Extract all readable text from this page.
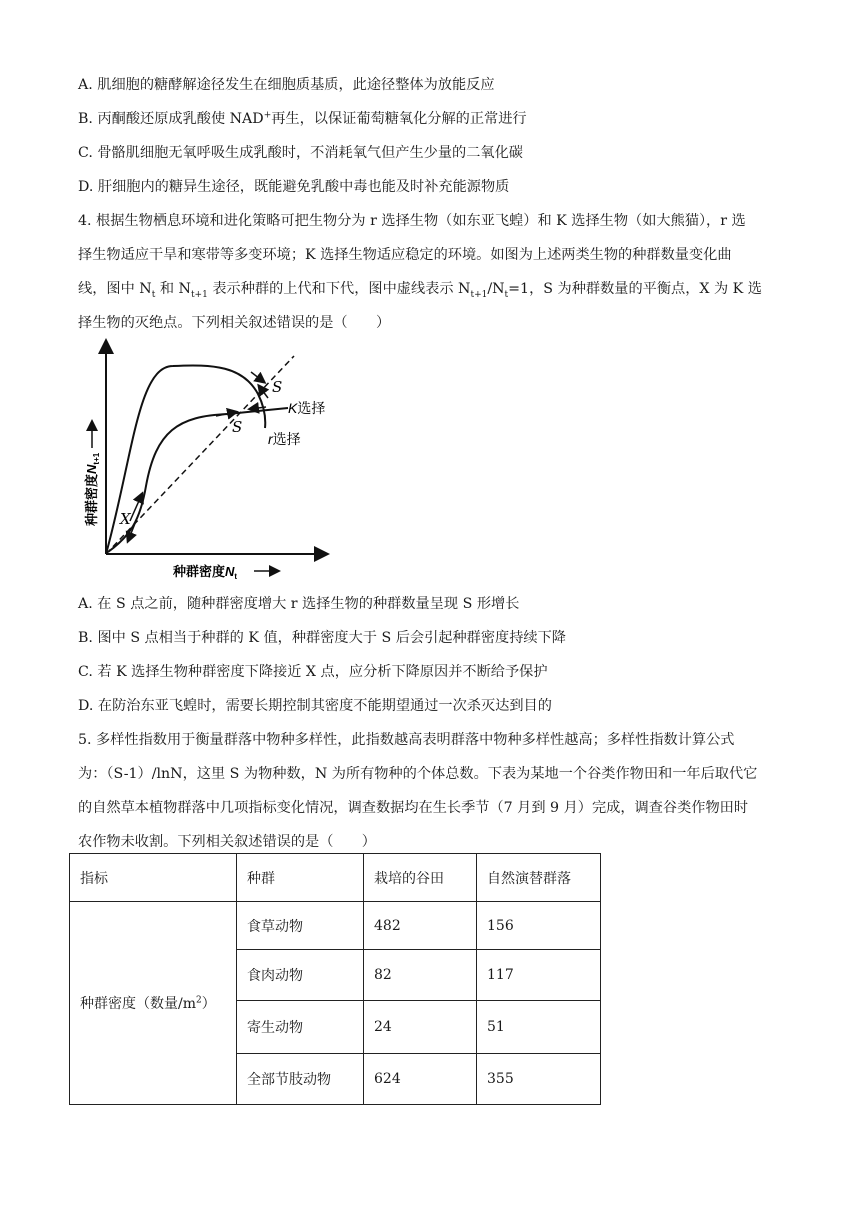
A. 肌细胞的糖酵解途径发生在细胞质基质，此途径整体为放能反应
B. 丙酮酸还原成乳酸使 NAD+再生，以保证葡萄糖氧化分解的正常进行
C. 骨骼肌细胞无氧呼吸生成乳酸时，不消耗氧气但产生少量的二氧化碳
D. 肝细胞内的糖异生途径，既能避免乳酸中毒也能及时补充能源物质
4. 根据生物栖息环境和进化策略可把生物分为 r 选择生物（如东亚飞蝗）和 K 选择生物（如大熊猫），r 选
择生物适应干旱和寒带等多变环境；K 选择生物适应稳定的环境。如图为上述两类生物的种群数量变化曲
线，图中 $N_t$ 和 $N_{t+1}$ 表示种群的上代和下代，图中虚线表示 $N_{t+1}/N_t=1$，S 为种群数量的平衡点，X 为 K 选
择生物的灭绝点。下列相关叙述错误的是（　　）
S
S
X
K选择
r选择
种群密度$N_{t+1}$
种群密度$N_t$
A. 在 S 点之前，随种群密度增大 r 选择生物的种群数量呈现 S 形增长
B. 图中 S 点相当于种群的 K 值，种群密度大于 S 后会引起种群密度持续下降
C. 若 K 选择生物种群密度下降接近 X 点，应分析下降原因并不断给予保护
D. 在防治东亚飞蝗时，需要长期控制其密度不能期望通过一次杀灭达到目的
5. 多样性指数用于衡量群落中物种多样性，此指数越高表明群落中物种多样性越高；多样性指数计算公式
为：（S-1）/lnN，这里 S 为物种数，N 为所有物种的个体总数。下表为某地一个谷类作物田和一年后取代它
的自然草本植物群落中几项指标变化情况，调查数据均在生长季节（7 月到 9 月）完成，调查谷类作物田时
农作物未收割。下列相关叙述错误的是（　　）
指标	种群	栽培的谷田	自然演替群落
种群密度（数量$/m^2$）	食草动物	482	156
	食肉动物	82	117
	寄生动物	24	51
	全部节肢动物	624	355
